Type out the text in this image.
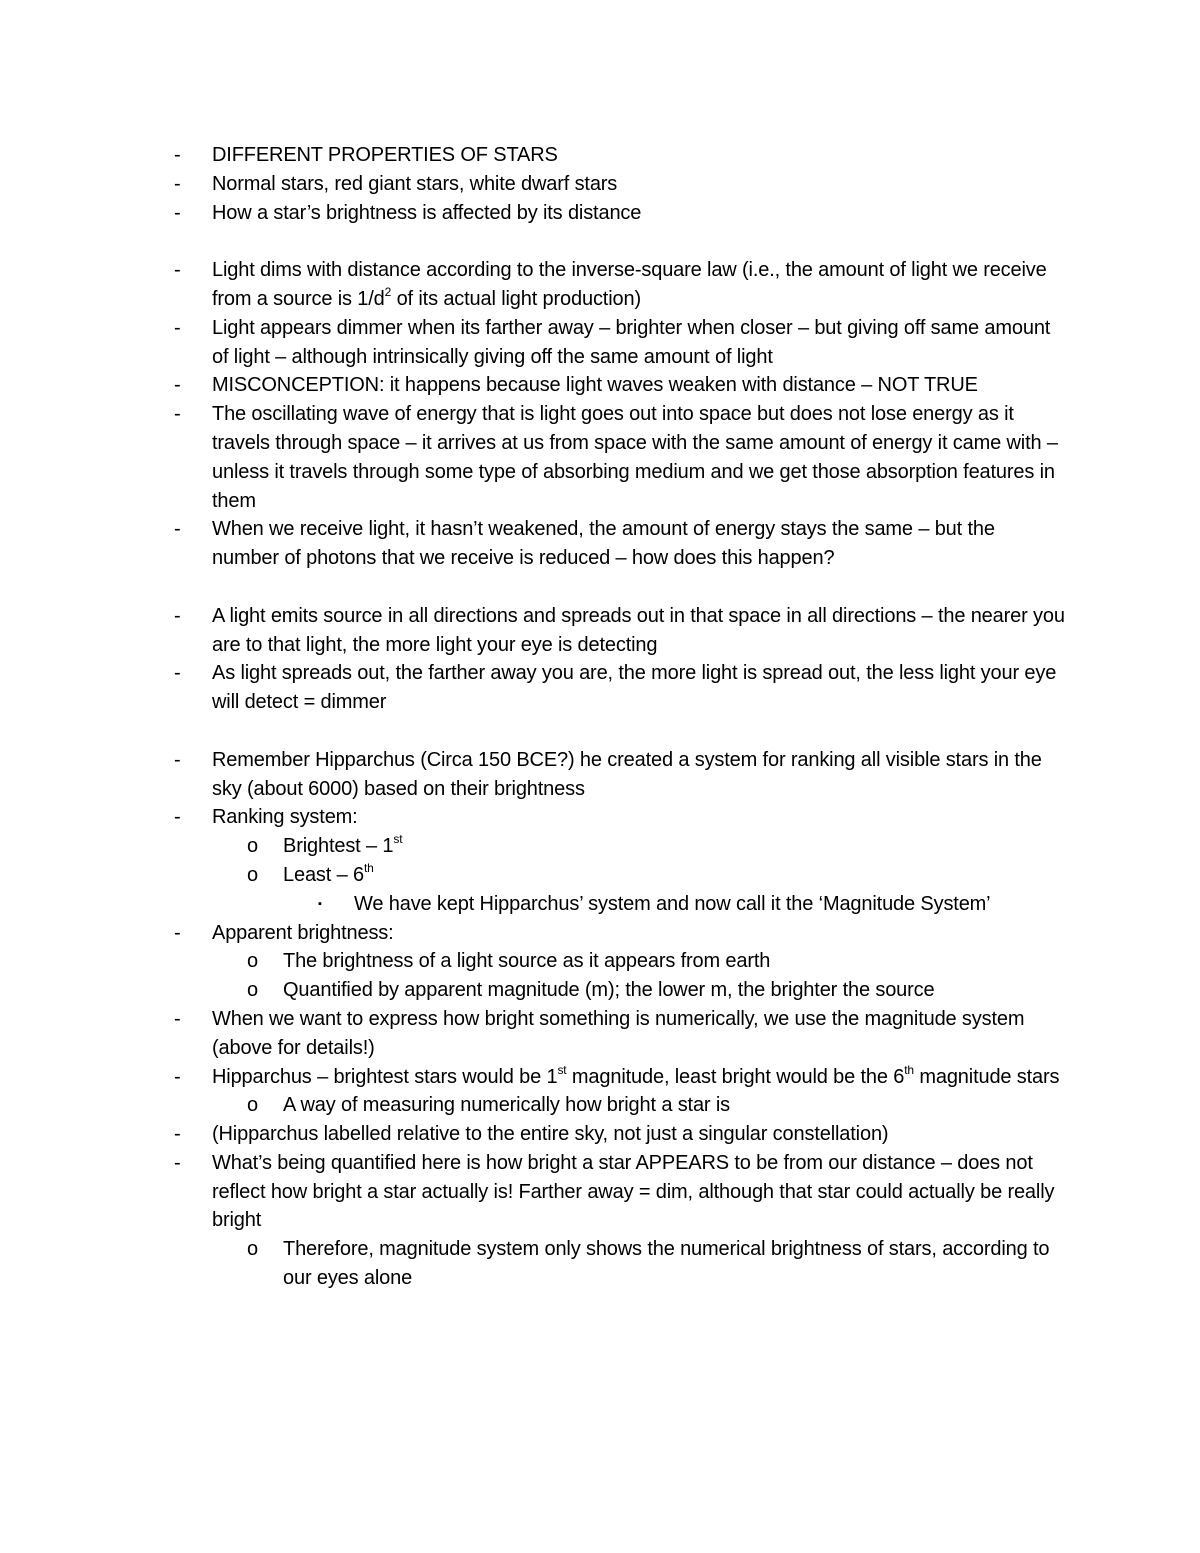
- DIFFERENT PROPERTIES OF STARS
- Normal stars, red giant stars, white dwarf stars
- How a star’s brightness is affected by its distance
- Light dims with distance according to the inverse-square law (i.e., the amount of light we receive from a source is $1/d^2$ of its actual light production)
- Light appears dimmer when its farther away – brighter when closer – but giving off same amount of light – although intrinsically giving off the same amount of light
- MISCONCEPTION: it happens because light waves weaken with distance – NOT TRUE
- The oscillating wave of energy that is light goes out into space but does not lose energy as it travels through space – it arrives at us from space with the same amount of energy it came with – unless it travels through some type of absorbing medium and we get those absorption features in them
- When we receive light, it hasn’t weakened, the amount of energy stays the same – but the number of photons that we receive is reduced – how does this happen?
- A light emits source in all directions and spreads out in that space in all directions – the nearer you are to that light, the more light your eye is detecting
- As light spreads out, the farther away you are, the more light is spread out, the less light your eye will detect = dimmer
- Remember Hipparchus (Circa 150 BCE?) he created a system for ranking all visible stars in the sky (about 6000) based on their brightness
- Ranking system:
o Brightest – 1st
o Least – 6th
▪ We have kept Hipparchus’ system and now call it the ‘Magnitude System’
- Apparent brightness:
o The brightness of a light source as it appears from earth
o Quantified by apparent magnitude (m); the lower m, the brighter the source
- When we want to express how bright something is numerically, we use the magnitude system (above for details!)
- Hipparchus – brightest stars would be 1st magnitude, least bright would be the 6th magnitude stars
o A way of measuring numerically how bright a star is
- (Hipparchus labelled relative to the entire sky, not just a singular constellation)
- What’s being quantified here is how bright a star APPEARS to be from our distance – does not reflect how bright a star actually is! Farther away = dim, although that star could actually be really bright
o Therefore, magnitude system only shows the numerical brightness of stars, according to our eyes alone
